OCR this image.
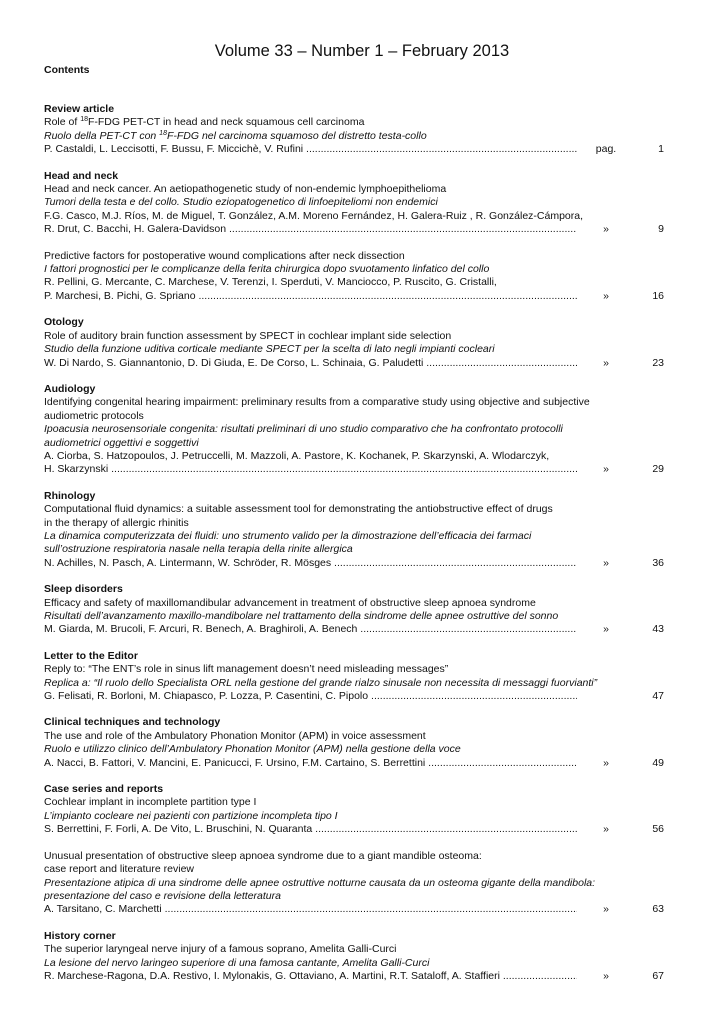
Volume 33 – Number 1 – February 2013
Contents
Review article
Role of $^{18}$F-FDG PET-CT in head and neck squamous cell carcinoma
Ruolo della PET-CT con $^{18}$F-FDG nel carcinoma squamoso del distretto testa-collo
P. Castaldi, L. Leccisotti, F. Bussu, F. Miccichè, V. Rufini .....	pag.	1
Head and neck
Head and neck cancer. An aetiopathogenetic study of non-endemic lymphoepithelioma
Tumori della testa e del collo. Studio eziopatogenetico di linfoepiteliomi non endemici
F.G. Casco, M.J. Ríos, M. de Miguel, T. González, A.M. Moreno Fernández, H. Galera-Ruiz , R. González-Cámpora,
R. Drut, C. Bacchi, H. Galera-Davidson .....	»	9
Predictive factors for postoperative wound complications after neck dissection
I fattori prognostici per le complicanze della ferita chirurgica dopo svuotamento linfatico del collo
R. Pellini, G. Mercante, C. Marchese, V. Terenzi, I. Sperduti, V. Manciocco, P. Ruscito, G. Cristalli,
P. Marchesi, B. Pichi, G. Spriano .....	»	16
Otology
Role of auditory brain function assessment by SPECT in cochlear implant side selection
Studio della funzione uditiva corticale mediante SPECT per la scelta di lato negli impianti cocleari
W. Di Nardo, S. Giannantonio, D. Di Giuda, E. De Corso, L. Schinaia, G. Paludetti .....	»	23
Audiology
Identifying congenital hearing impairment: preliminary results from a comparative study using objective and subjective
audiometric protocols
Ipoacusia neurosensoriale congenita: risultati preliminari di uno studio comparativo che ha confrontato protocolli
audiometrici oggettivi e soggettivi
A. Ciorba, S. Hatzopoulos, J. Petruccelli, M. Mazzoli, A. Pastore, K. Kochanek, P. Skarzynski, A. Wlodarczyk,
H. Skarzynski .....	»	29
Rhinology
Computational fluid dynamics: a suitable assessment tool for demonstrating the antiobstructive effect of drugs
in the therapy of allergic rhinitis
La dinamica computerizzata dei fluidi: uno strumento valido per la dimostrazione dell’efficacia dei farmaci
sull’ostruzione respiratoria nasale nella terapia della rinite allergica
N. Achilles, N. Pasch, A. Lintermann, W. Schröder, R. Mösges .....	»	36
Sleep disorders
Efficacy and safety of maxillomandibular advancement in treatment of obstructive sleep apnoea syndrome
Risultati dell’avanzamento maxillo-mandibolare nel trattamento della sindrome delle apnee ostruttive del sonno
M. Giarda, M. Brucoli, F. Arcuri, R. Benech, A. Braghiroli, A. Benech .....	»	43
Letter to the Editor
Reply to: “The ENT’s role in sinus lift management doesn’t need misleading messages”
Replica a: “Il ruolo dello Specialista ORL nella gestione del grande rialzo sinusale non necessita di messaggi fuorvianti”
G. Felisati, R. Borloni, M. Chiapasco, P. Lozza, P. Casentini, C. Pipolo .....	47
Clinical techniques and technology
The use and role of the Ambulatory Phonation Monitor (APM) in voice assessment
Ruolo e utilizzo clinico dell’Ambulatory Phonation Monitor (APM) nella gestione della voce
A. Nacci, B. Fattori, V. Mancini, E. Panicucci, F. Ursino, F.M. Cartaino, S. Berrettini .....	»	49
Case series and reports
Cochlear implant in incomplete partition type I
L’impianto cocleare nei pazienti con partizione incompleta tipo I
S. Berrettini, F. Forli, A. De Vito, L. Bruschini, N. Quaranta .....	»	56
Unusual presentation of obstructive sleep apnoea syndrome due to a giant mandible osteoma:
case report and literature review
Presentazione atipica di una sindrome delle apnee ostruttive notturne causata da un osteoma gigante della mandibola:
presentazione del caso e revisione della letteratura
A. Tarsitano, C. Marchetti .....	»	63
History corner
The superior laryngeal nerve injury of a famous soprano, Amelita Galli-Curci
La lesione del nervo laringeo superiore di una famosa cantante, Amelita Galli-Curci
R. Marchese-Ragona, D.A. Restivo, I. Mylonakis, G. Ottaviano, A. Martini, R.T. Sataloff, A. Staffieri .....	»	67
